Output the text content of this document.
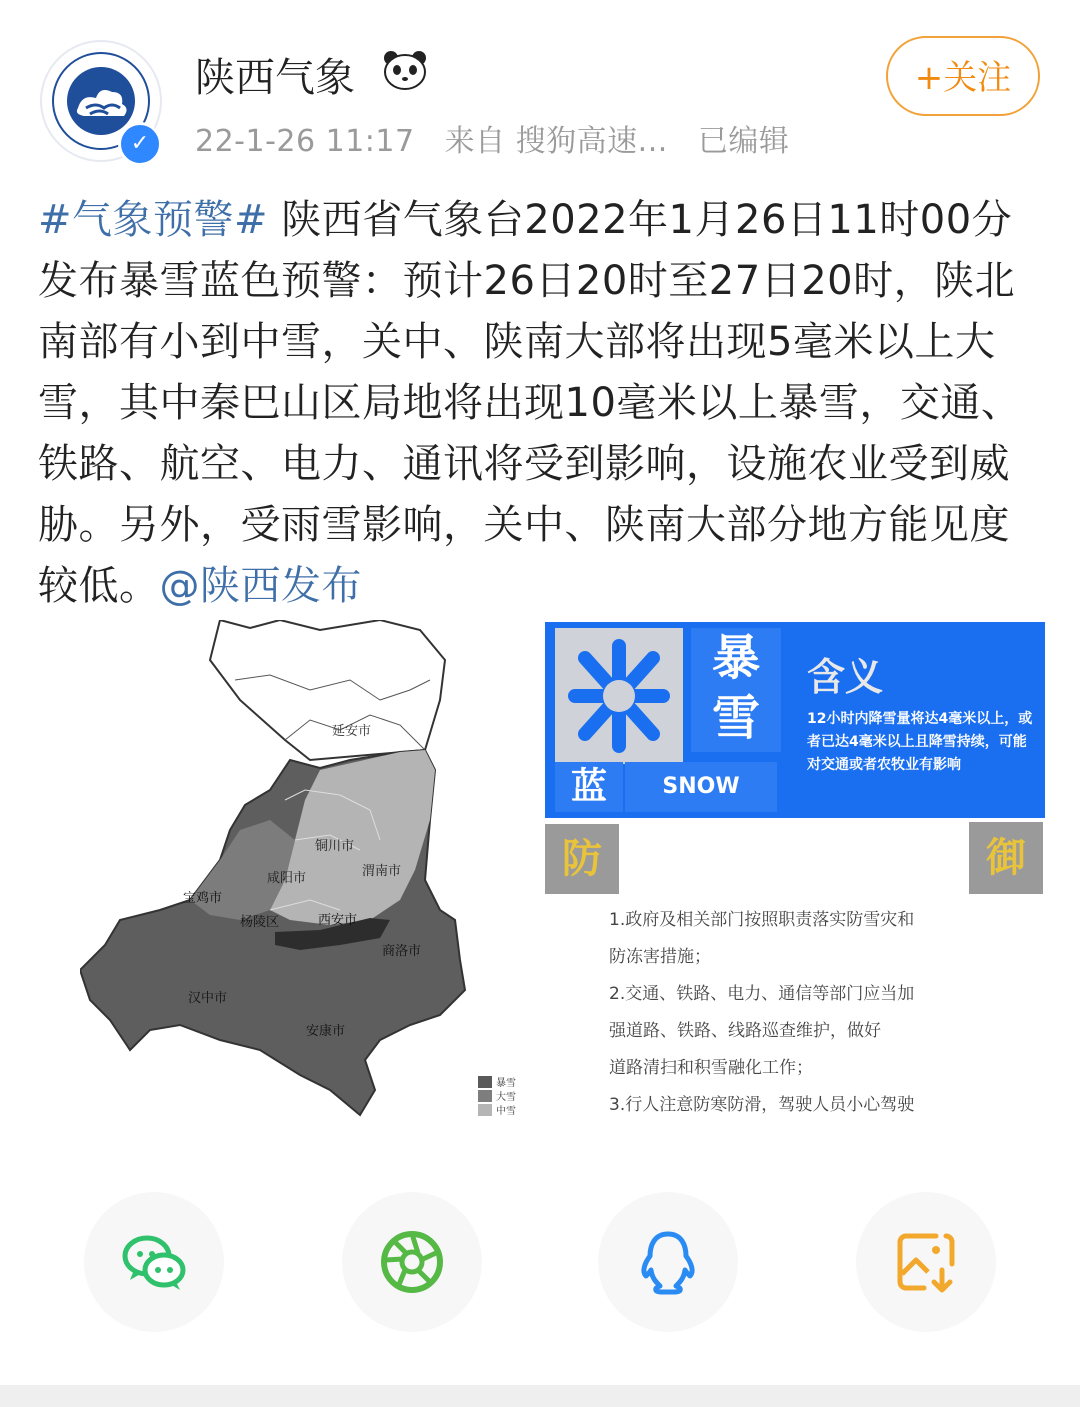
✓
陕西气象
22-1-26 11:17 来自 搜狗高速... 已编辑
+关注
#气象预警# 陕西省气象台2022年1月26日11时00分发布暴雪蓝色预警：预计26日20时至27日20时，陕北南部有小到中雪，关中、陕南大部将出现5毫米以上大雪，其中秦巴山区局地将出现10毫米以上暴雪，交通、铁路、航空、电力、通讯将受到影响，设施农业受到威胁。另外，受雨雪影响，关中、陕南大部分地方能见度较低。@陕西发布
延安市
铜川市
渭南市
咸阳市
宝鸡市
杨陵区	西安市
商洛市
汉中市
安康市
暴雪
大雪
中雪
暴
雪
蓝	SNOW STORM
含义
12小时内降雪量将达4毫米以上，或者已达4毫米以上且降雪持续，可能对交通或者农牧业有影响
防	御
1.政府及相关部门按照职责落实防雪灾和
防冻害措施；
2.交通、铁路、电力、通信等部门应当加
强道路、铁路、线路巡查维护，做好
道路清扫和积雪融化工作；
3.行人注意防寒防滑，驾驶人员小心驾驶
